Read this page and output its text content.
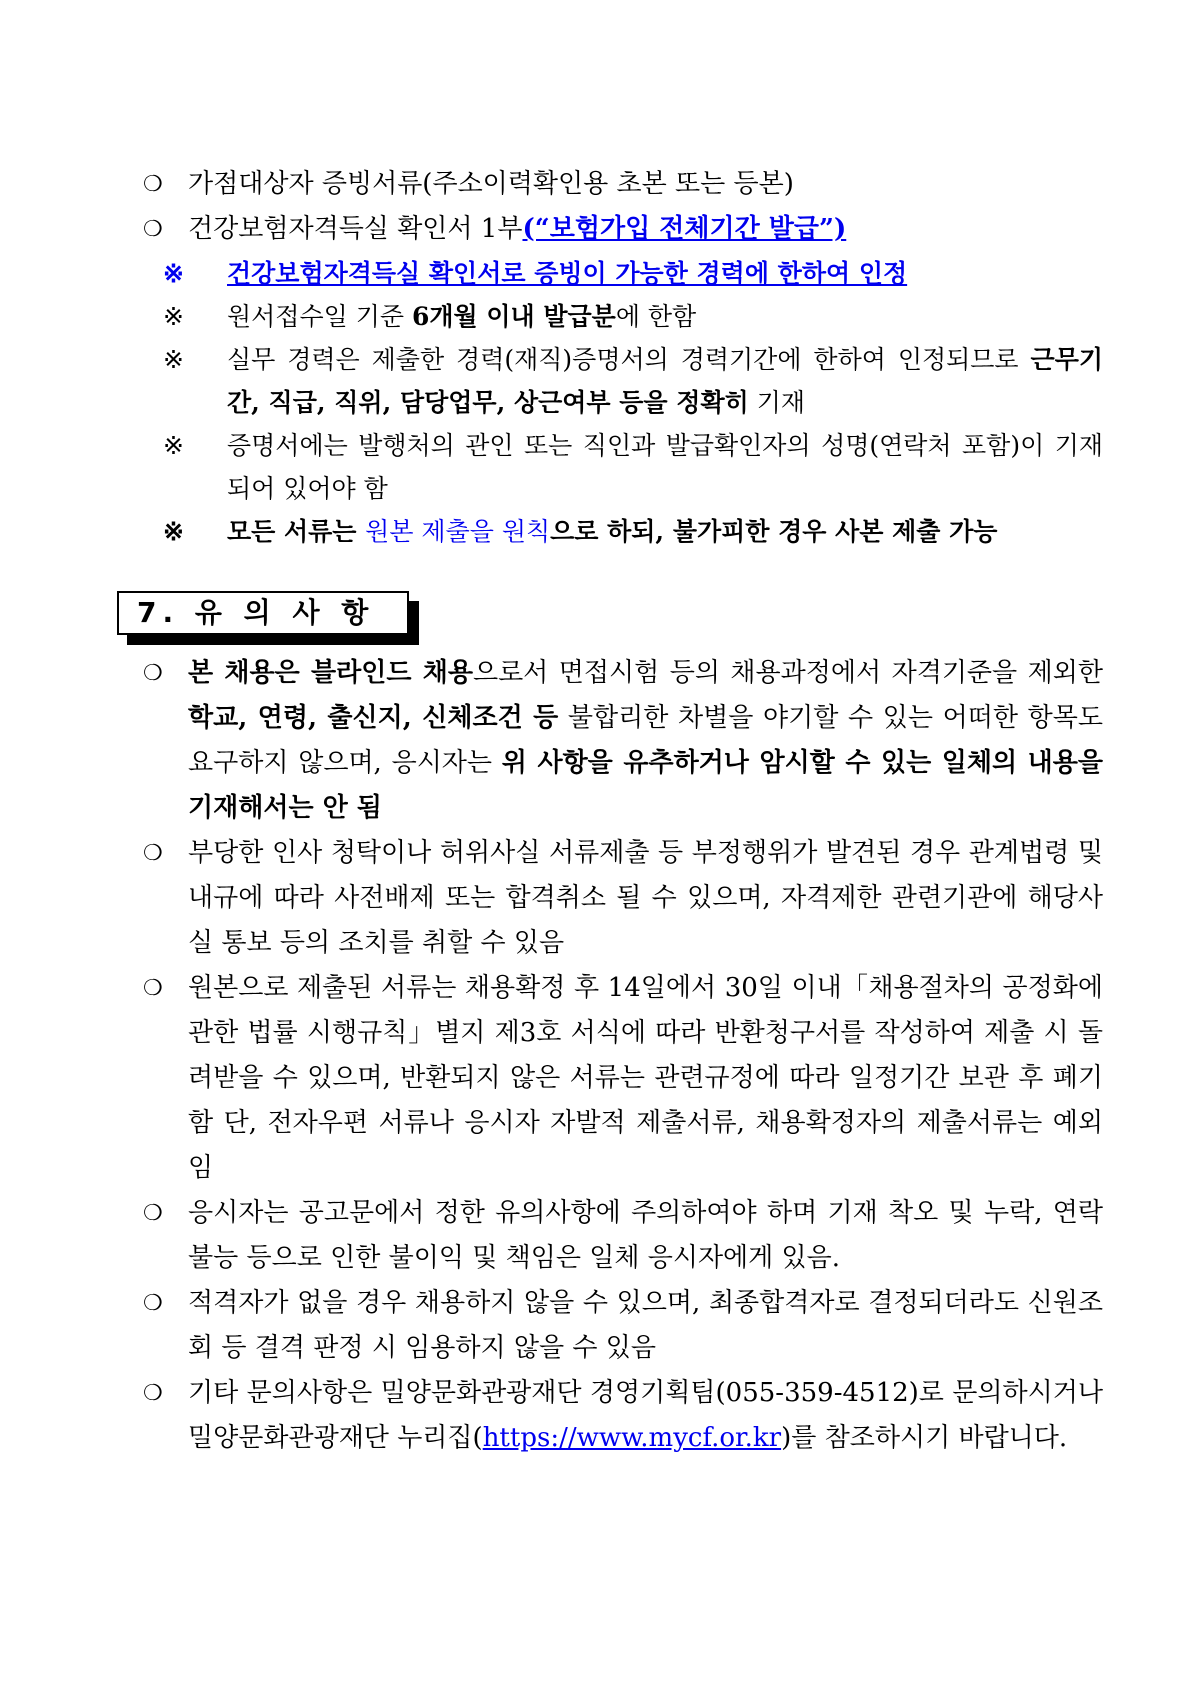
❍ 가점대상자 증빙서류(주소이력확인용 초본 또는 등본)

❍ 건강보험자격득실 확인서 1부(“보험가입 전체기간 발급”)

※ 건강보험자격득실 확인서로 증빙이 가능한 경력에 한하여 인정

※ 원서접수일 기준 6개월 이내 발급분에 한함

※ 실무 경력은 제출한 경력(재직)증명서의 경력기간에 한하여 인정되므로 근무기간, 직급, 직위, 담당업무, 상근여부 등을 정확히 기재

※ 증명서에는 발행처의 관인 또는 직인과 발급확인자의 성명(연락처 포함)이 기재되어 있어야 함

※ 모든 서류는 원본 제출을 원칙으로 하되, 불가피한 경우 사본 제출 가능

7. 유 의 사 항

❍ 본 채용은 블라인드 채용으로서 면접시험 등의 채용과정에서 자격기준을 제외한 학교, 연령, 출신지, 신체조건 등 불합리한 차별을 야기할 수 있는 어떠한 항목도 요구하지 않으며, 응시자는 위 사항을 유추하거나 암시할 수 있는 일체의 내용을 기재해서는 안 됨

❍ 부당한 인사 청탁이나 허위사실 서류제출 등 부정행위가 발견된 경우 관계법령 및 내규에 따라 사전배제 또는 합격취소 될 수 있으며, 자격제한 관련기관에 해당사실 통보 등의 조치를 취할 수 있음

❍ 원본으로 제출된 서류는 채용확정 후 14일에서 30일 이내「채용절차의 공정화에 관한 법률 시행규칙」별지 제3호 서식에 따라 반환청구서를 작성하여 제출 시 돌려받을 수 있으며, 반환되지 않은 서류는 관련규정에 따라 일정기간 보관 후 폐기함 단, 전자우편 서류나 응시자 자발적 제출서류, 채용확정자의 제출서류는 예외임

❍ 응시자는 공고문에서 정한 유의사항에 주의하여야 하며 기재 착오 및 누락, 연락불능 등으로 인한 불이익 및 책임은 일체 응시자에게 있음.

❍ 적격자가 없을 경우 채용하지 않을 수 있으며, 최종합격자로 결정되더라도 신원조회 등 결격 판정 시 임용하지 않을 수 있음

❍ 기타 문의사항은 밀양문화관광재단 경영기획팀(055-359-4512)로 문의하시거나 밀양문화관광재단 누리집(https://www.mycf.or.kr)를 참조하시기 바랍니다.
